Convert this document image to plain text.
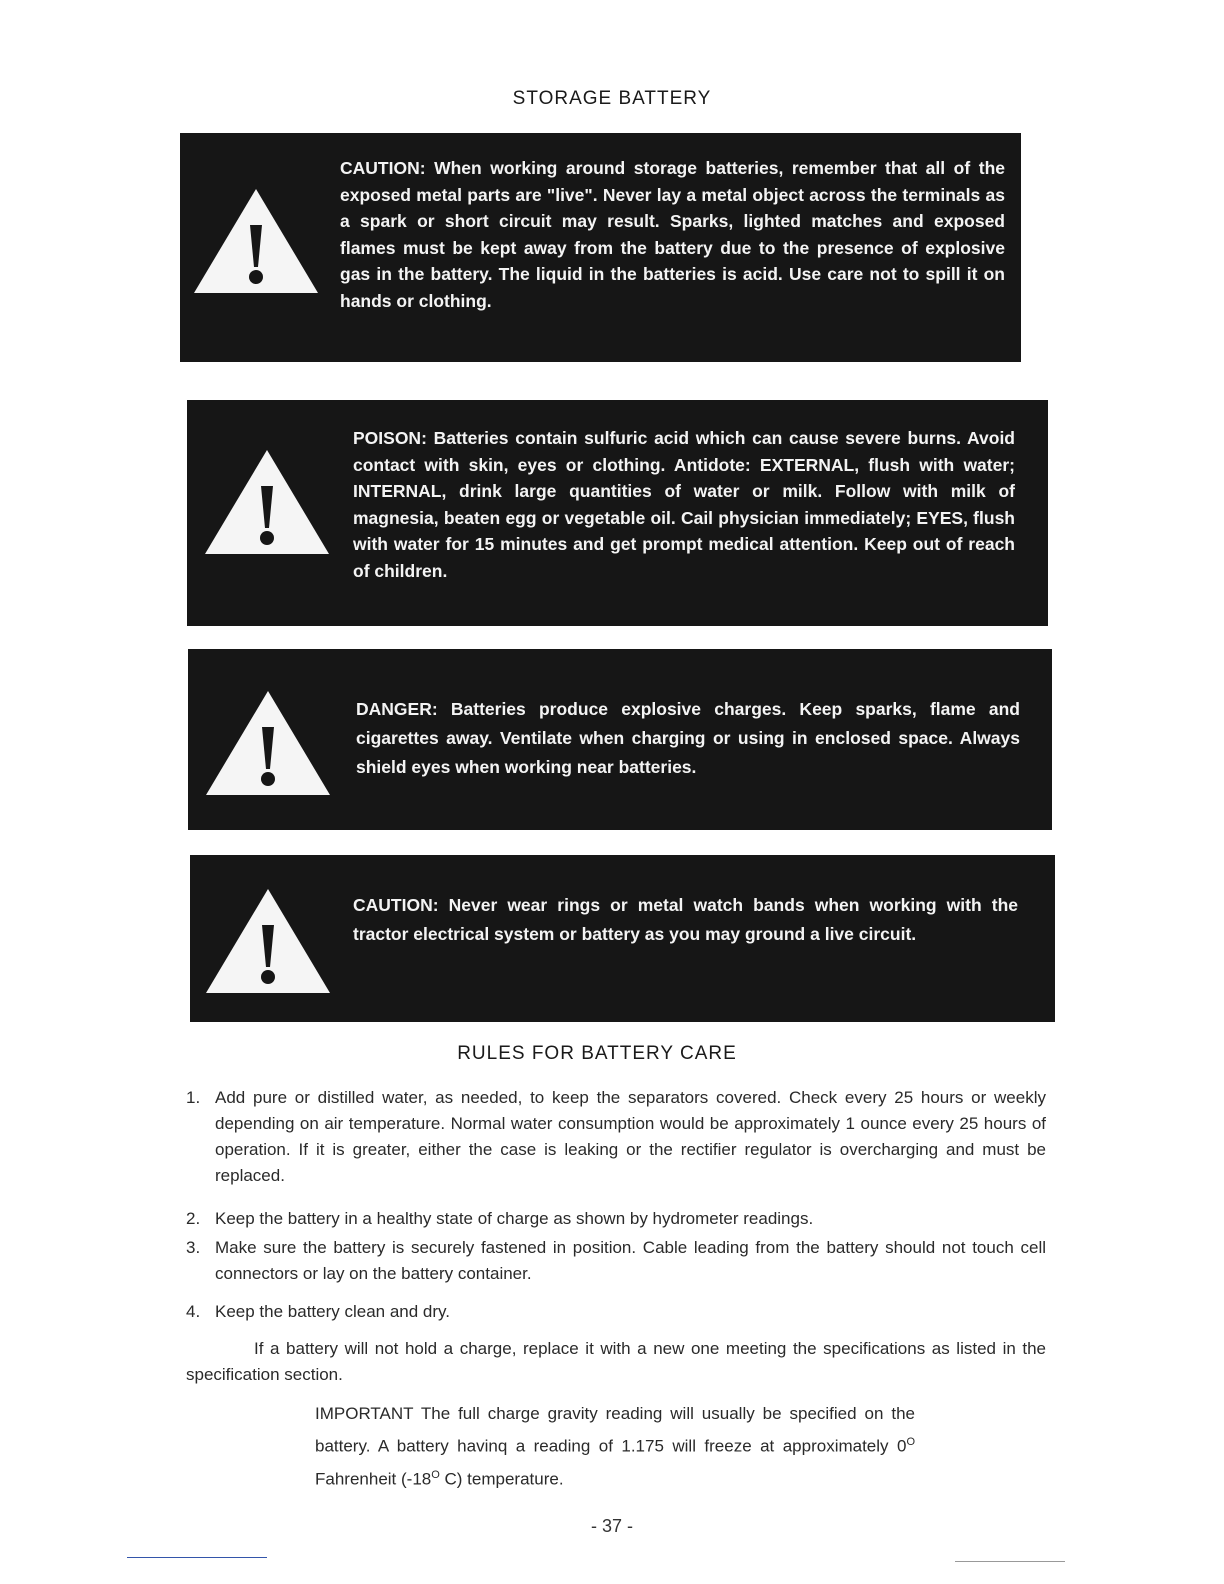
STORAGE BATTERY
CAUTION: When working around storage batteries, remember that all of the exposed metal parts are "live". Never lay a metal object across the terminals as a spark or short circuit may result. Sparks, lighted matches and exposed flames must be kept away from the battery due to the presence of explosive gas in the battery. The liquid in the batteries is acid. Use care not to spill it on hands or clothing.
POISON: Batteries contain sulfuric acid which can cause severe burns. Avoid contact with skin, eyes or clothing. Antidote: EXTERNAL, flush with water; INTERNAL, drink large quantities of water or milk. Follow with milk of magnesia, beaten egg or vegetable oil. Cail physician immediately; EYES, flush with water for 15 minutes and get prompt medical attention. Keep out of reach of children.
DANGER: Batteries produce explosive charges. Keep sparks, flame and cigarettes away. Ventilate when charging or using in enclosed space. Always shield eyes when working near batteries.
CAUTION: Never wear rings or metal watch bands when working with the tractor electrical system or battery as you may ground a live circuit.
RULES FOR BATTERY CARE
1. Add pure or distilled water, as needed, to keep the separators covered. Check every 25 hours or weekly depending on air temperature. Normal water consumption would be approximately 1 ounce every 25 hours of operation. If it is greater, either the case is leaking or the rectifier regulator is overcharging and must be replaced.
2. Keep the battery in a healthy state of charge as shown by hydrometer readings.
3. Make sure the battery is securely fastened in position. Cable leading from the battery should not touch cell connectors or lay on the battery container.
4. Keep the battery clean and dry.
If a battery will not hold a charge, replace it with a new one meeting the specifications as listed in the specification section.
IMPORTANT The full charge gravity reading will usually be specified on the battery. A battery havinq a reading of 1.175 will freeze at approximately $0^O$ Fahrenheit ($-18^O$ C) temperature.
- 37 -
